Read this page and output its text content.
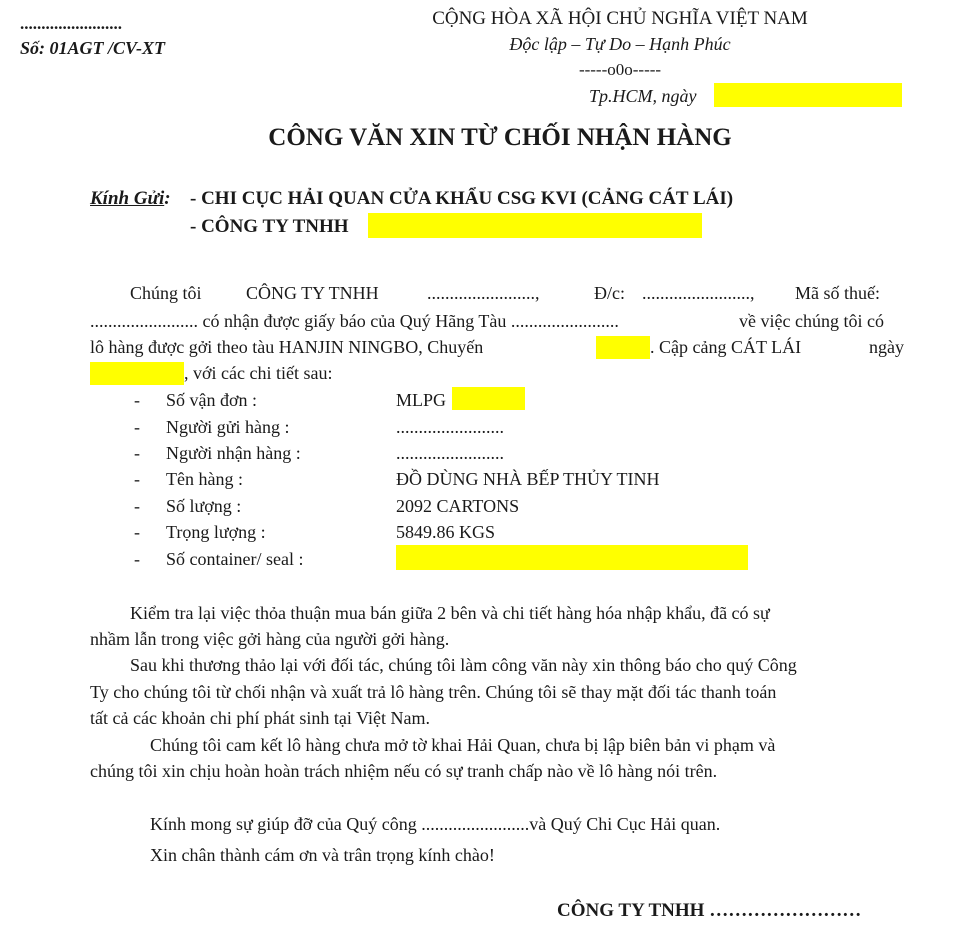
........................
Số: 01AGT /CV-XT
CỘNG HÒA XÃ HỘI CHỦ NGHĨA VIỆT NAM
Độc lập – Tự Do – Hạnh Phúc
-----o0o-----
Tp.HCM, ngày
CÔNG VĂN XIN TỪ CHỐI NHẬN HÀNG
Kính Gửi: - CHI CỤC HẢI QUAN CỬA KHẨU CSG KVI (CẢNG CÁT LÁI)
- CÔNG TY TNHH
Chúng tôi CÔNG TY TNHH	........................,	Đ/c: ........................, Mã số thuế:
........................ có nhận được giấy báo của Quý Hãng Tàu ........................	về việc chúng tôi có
lô hàng được gởi theo tàu HANJIN NINGBO, Chuyến	. Cập cảng CÁT LÁI	ngày
, với các chi tiết sau:
- Số vận đơn :	MLPG
- Người gửi hàng :	........................
- Người nhận hàng :	........................
- Tên hàng :	ĐỒ DÙNG NHÀ BẾP THỦY TINH
- Số lượng :	2092 CARTONS
- Trọng lượng :	5849.86 KGS
- Số container/ seal :
Kiểm tra lại việc thỏa thuận mua bán giữa 2 bên và chi tiết hàng hóa nhập khẩu, đã có sự
nhầm lẫn trong việc gởi hàng của người gởi hàng.
Sau khi thương thảo lại với đối tác, chúng tôi làm công văn này xin thông báo cho quý Công
Ty cho chúng tôi từ chối nhận và xuất trả lô hàng trên. Chúng tôi sẽ thay mặt đối tác thanh toán
tất cả các khoản chi phí phát sinh tại Việt Nam.
Chúng tôi cam kết lô hàng chưa mở tờ khai Hải Quan, chưa bị lập biên bản vi phạm và
chúng tôi xin chịu hoàn hoàn trách nhiệm nếu có sự tranh chấp nào về lô hàng nói trên.
Kính mong sự giúp đỡ của Quý công ........................và Quý Chi Cục Hải quan.
Xin chân thành cám ơn và trân trọng kính chào!
CÔNG TY TNHH ……………………
